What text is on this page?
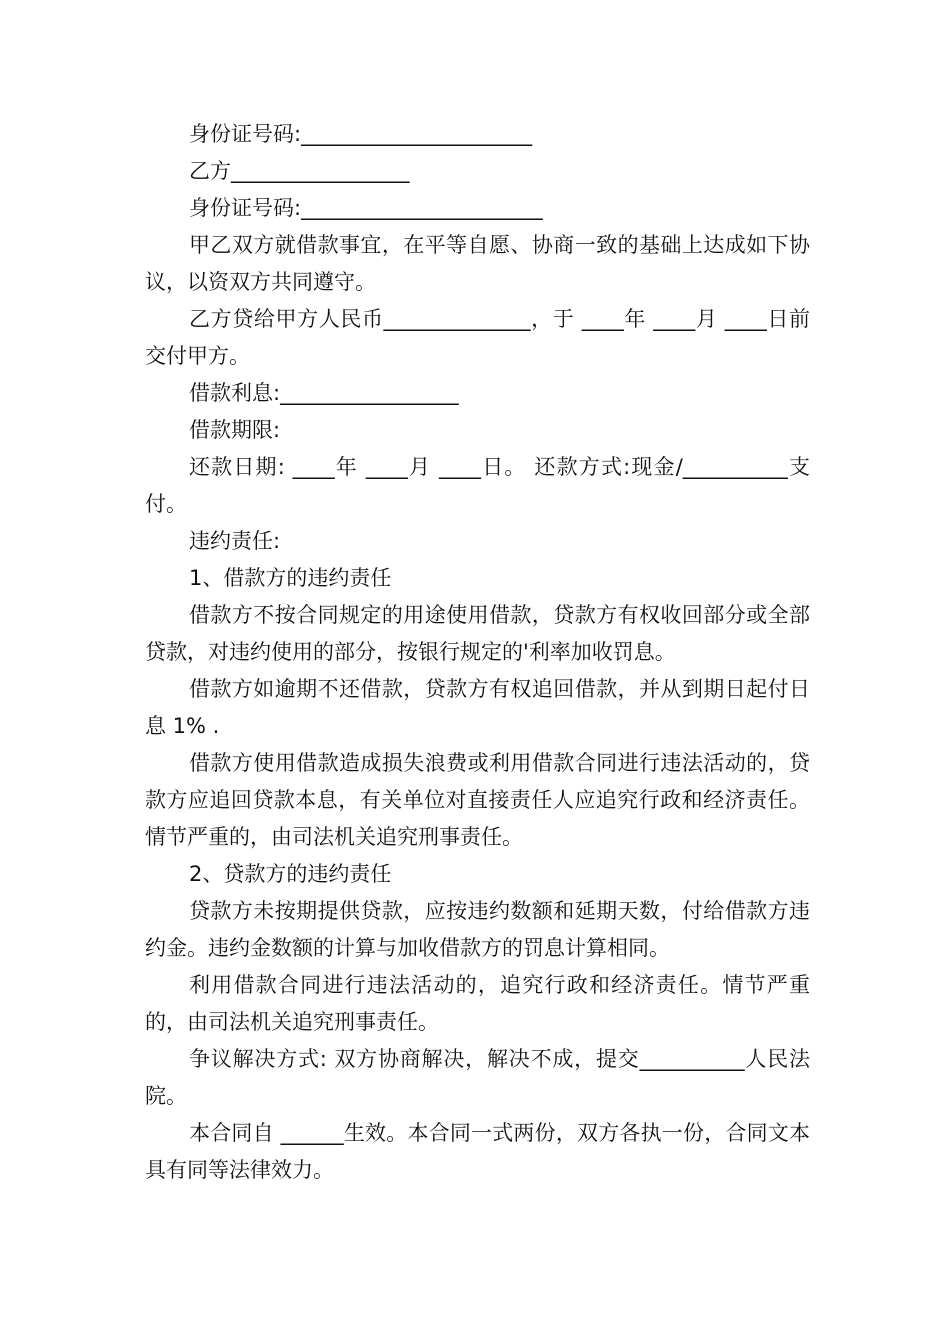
身份证号码:______________________

乙方_________________

身份证号码:_______________________

甲乙双方就借款事宜，在平等自愿、协商一致的基础上达成如下协议，以资双方共同遵守。

乙方贷给甲方人民币______________，于 ____年 ____月 ____日前交付甲方。

借款利息:_________________

借款期限:

还款日期: ____年 ____月 ____日。 还款方式:现金/__________支付。

违约责任:

1、借款方的违约责任

借款方不按合同规定的用途使用借款，贷款方有权收回部分或全部贷款，对违约使用的部分，按银行规定的'利率加收罚息。

借款方如逾期不还借款，贷款方有权追回借款，并从到期日起付日息 1% .

借款方使用借款造成损失浪费或利用借款合同进行违法活动的，贷款方应追回贷款本息，有关单位对直接责任人应追究行政和经济责任。情节严重的，由司法机关追究刑事责任。

2、贷款方的违约责任

贷款方未按期提供贷款，应按违约数额和延期天数，付给借款方违约金。违约金数额的计算与加收借款方的罚息计算相同。

利用借款合同进行违法活动的，追究行政和经济责任。情节严重的，由司法机关追究刑事责任。

争议解决方式: 双方协商解决，解决不成，提交__________人民法院。

本合同自 ______生效。本合同一式两份，双方各执一份，合同文本具有同等法律效力。
